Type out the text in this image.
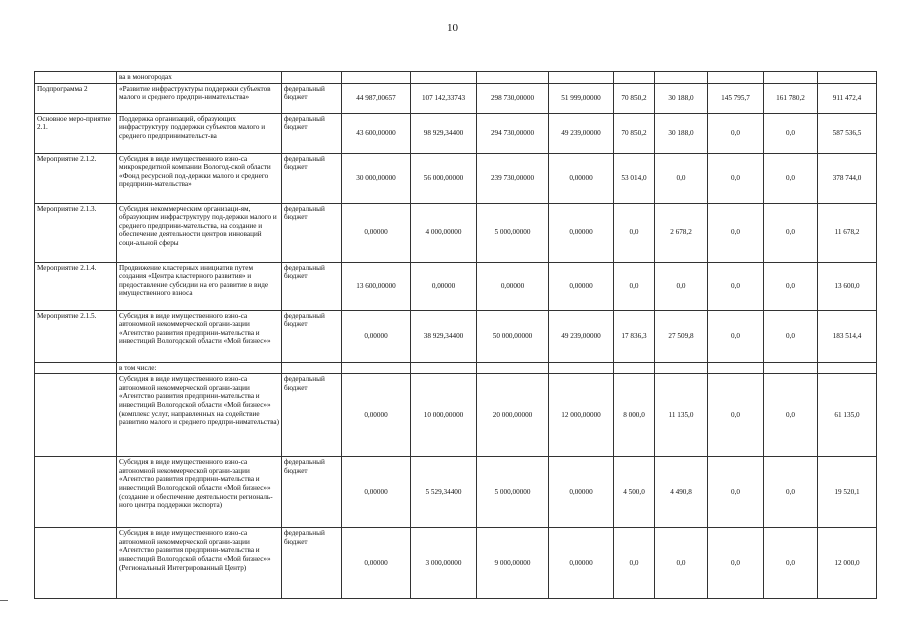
10
	ва в моногородах										
Подпрограмма 2	«Развитие инфраструктуры поддержки субъектов малого и среднего предпри-нимательства»	федеральный бюджет	44 987,00657	107 142,33743	298 730,00000	51 999,00000	70 850,2	30 188,0	145 795,7	161 780,2	911 472,4
Основное меро-приятие 2.1.	Поддержка организаций, образующих инфраструктуру поддержки субъектов малого и среднего предпринимательст-ва	федеральный бюджет	43 600,00000	98 929,34400	294 730,00000	49 239,00000	70 850,2	30 188,0	0,0	0,0	587 536,5
Мероприятие 2.1.2.	Субсидия в виде имущественного взно-са микрокредитной компании Вологод-ской области «Фонд ресурсной под-держки малого и среднего предприни-мательства»	федеральный бюджет	30 000,00000	56 000,00000	239 730,00000	0,00000	53 014,0	0,0	0,0	0,0	378 744,0
Мероприятие 2.1.3.	Субсидия некоммерческим организаци-ям, образующим инфраструктуру под-держки малого и среднего предприни-мательства, на создание и обеспечение деятельности центров инноваций соци-альной сферы	федеральный бюджет	0,00000	4 000,00000	5 000,00000	0,00000	0,0	2 678,2	0,0	0,0	11 678,2
Мероприятие 2.1.4.	Продвижение кластерных инициатив путем создания «Центра кластерного развития» и предоставление субсидии на его развитие в виде имущественного взноса	федеральный бюджет	13 600,00000	0,00000	0,00000	0,00000	0,0	0,0	0,0	0,0	13 600,0
Мероприятие 2.1.5.	Субсидия в виде имущественного взно-са автономной некоммерческой органи-зации «Агентство развития предприни-мательства и инвестиций Вологодской области «Мой бизнес»»	федеральный бюджет	0,00000	38 929,34400	50 000,00000	49 239,00000	17 836,3	27 509,8	0,0	0,0	183 514,4
	в том числе:										
	Субсидия в виде имущественного взно-са автономной некоммерческой органи-зации «Агентство развития предприни-мательства и инвестиций Вологодской области «Мой бизнес»» (комплекс услуг, направленных на содействие развитию малого и среднего предпри-нимательства)	федеральный бюджет	0,00000	10 000,00000	20 000,00000	12 000,00000	8 000,0	11 135,0	0,0	0,0	61 135,0
	Субсидия в виде имущественного взно-са автономной некоммерческой органи-зации «Агентство развития предприни-мательства и инвестиций Вологодской области «Мой бизнес»» (создание и обеспечение деятельности региональ-ного центра поддержки экспорта)	федеральный бюджет	0,00000	5 529,34400	5 000,00000	0,00000	4 500,0	4 490,8	0,0	0,0	19 520,1
	Субсидия в виде имущественного взно-са автономной некоммерческой органи-зации «Агентство развития предприни-мательства и инвестиций Вологодской области «Мой бизнес»» (Региональный Интегрированный Центр)	федеральный бюджет	0,00000	3 000,00000	9 000,00000	0,00000	0,0	0,0	0,0	0,0	12 000,0
